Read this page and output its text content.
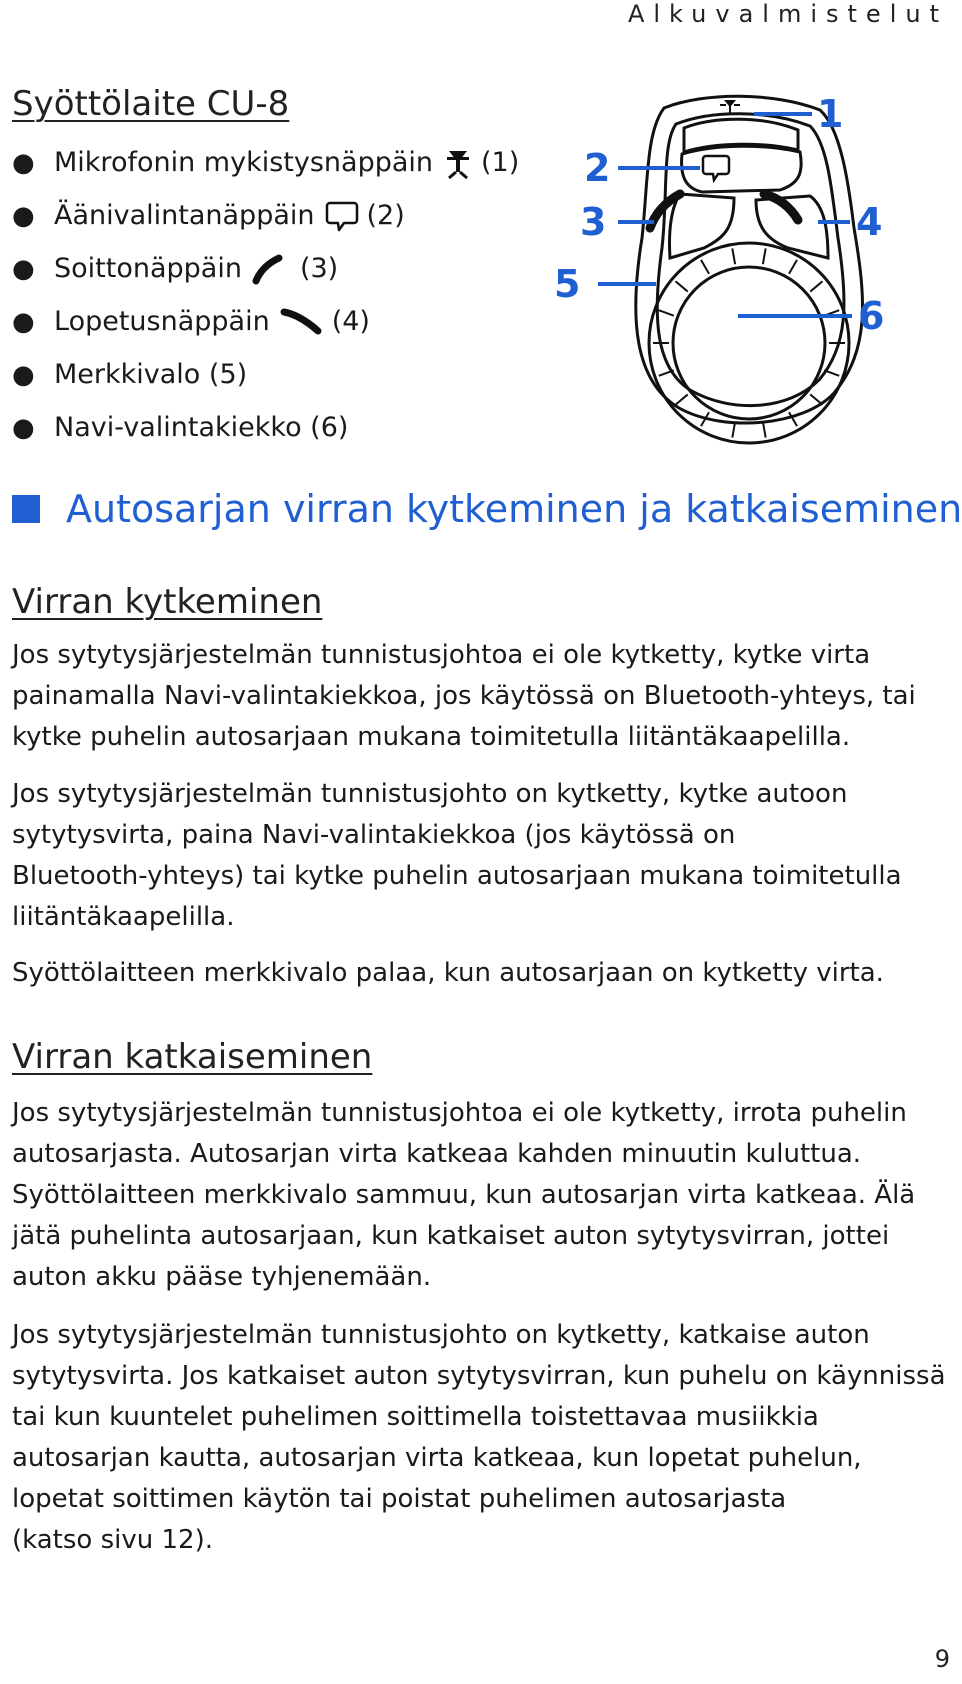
Alkuvalmistelut
Syöttölaite CU-8
● Mikrofonin mykistysnäppäin (1)
● Äänivalintanäppäin (2)
● Soittonäppäin (3)
● Lopetusnäppäin (4)
● Merkkivalo (5)
● Navi-valintakiekko (6)
1
2
3	4
5
6
Autosarjan virran kytkeminen ja katkaiseminen
Virran kytkeminen

Jos sytytysjärjestelmän tunnistusjohtoa ei ole kytketty, kytke virta
painamalla Navi-valintakiekkoa, jos käytössä on Bluetooth-yhteys, tai
kytke puhelin autosarjaan mukana toimitetulla liitäntäkaapelilla.

Jos sytytysjärjestelmän tunnistusjohto on kytketty, kytke autoon
sytytysvirta, paina Navi-valintakiekkoa (jos käytössä on
Bluetooth-yhteys) tai kytke puhelin autosarjaan mukana toimitetulla
liitäntäkaapelilla.

Syöttölaitteen merkkivalo palaa, kun autosarjaan on kytketty virta.

Virran katkaiseminen

Jos sytytysjärjestelmän tunnistusjohtoa ei ole kytketty, irrota puhelin
autosarjasta. Autosarjan virta katkeaa kahden minuutin kuluttua.
Syöttölaitteen merkkivalo sammuu, kun autosarjan virta katkeaa. Älä
jätä puhelinta autosarjaan, kun katkaiset auton sytytysvirran, jottei
auton akku pääse tyhjenemään.

Jos sytytysjärjestelmän tunnistusjohto on kytketty, katkaise auton
sytytysvirta. Jos katkaiset auton sytytysvirran, kun puhelu on käynnissä
tai kun kuuntelet puhelimen soittimella toistettavaa musiikkia
autosarjan kautta, autosarjan virta katkeaa, kun lopetat puhelun,
lopetat soittimen käytön tai poistat puhelimen autosarjasta
(katso sivu 12).

9
